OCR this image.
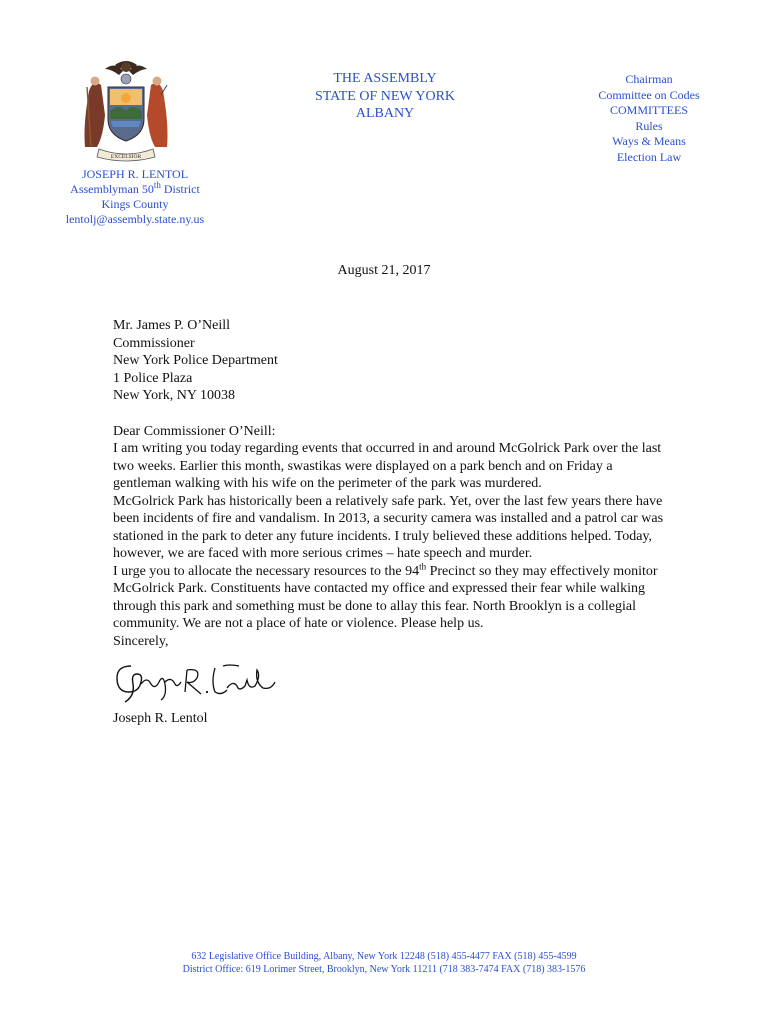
EXCELSIOR
JOSEPH R. LENTOL
Assemblyman 50th District
Kings County
lentolj@assembly.state.ny.us
THE ASSEMBLY
STATE OF NEW YORK
ALBANY
Chairman
Committee on Codes
COMMITTEES
Rules
Ways & Means
Election Law
August 21, 2017

Mr. James P. O’Neill

Commissioner

New York Police Department

1 Police Plaza

New York, NY 10038

Dear Commissioner O’Neill:

I am writing you today regarding events that occurred in and around McGolrick Park over the last two weeks. Earlier this month, swastikas were displayed on a park bench and on Friday a gentleman walking with his wife on the perimeter of the park was murdered.

McGolrick Park has historically been a relatively safe park. Yet, over the last few years there have been incidents of fire and vandalism. In 2013, a security camera was installed and a patrol car was stationed in the park to deter any future incidents. I truly believed these additions helped. Today, however, we are faced with more serious crimes – hate speech and murder.

I urge you to allocate the necessary resources to the 94th Precinct so they may effectively monitor McGolrick Park. Constituents have contacted my office and expressed their fear while walking through this park and something must be done to allay this fear. North Brooklyn is a collegial community. We are not a place of hate or violence. Please help us.

Sincerely,

Joseph R. Lentol

632 Legislative Office Building, Albany, New York 12248 (518) 455-4477 FAX (518) 455-4599
District Office: 619 Lorimer Street, Brooklyn, New York 11211 (718 383-7474 FAX (718) 383-1576
